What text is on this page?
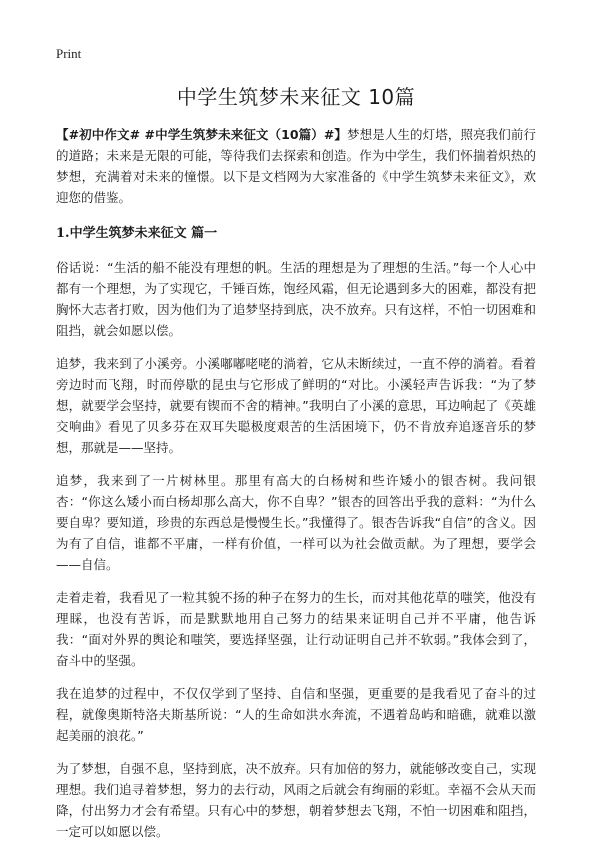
Print
中学生筑梦未来征文 10篇

【#初中作文# #中学生筑梦未来征文（10篇）#】梦想是人生的灯塔，照亮我们前行的道路；未来是无限的可能，等待我们去探索和创造。作为中学生，我们怀揣着炽热的梦想，充满着对未来的憧憬。以下是文档网为大家准备的《中学生筑梦未来征文》，欢迎您的借鉴。

1.中学生筑梦未来征文 篇一

俗话说：“生活的船不能没有理想的帆。生活的理想是为了理想的生活。”每一个人心中都有一个理想，为了实现它，千锤百炼，饱经风霜，但无论遇到多大的困难，都没有把胸怀大志者打败，因为他们为了追梦坚持到底，决不放弃。只有这样，不怕一切困难和阻挡，就会如愿以偿。

追梦，我来到了小溪旁。小溪嘟嘟咾咾的淌着，它从未断续过，一直不停的淌着。看着旁边时而飞翔，时而停歇的昆虫与它形成了鲜明的“对比。小溪轻声告诉我：“为了梦想，就要学会坚持，就要有锲而不舍的精神。”我明白了小溪的意思，耳边响起了《英雄交响曲》看见了贝多芬在双耳失聪极度艰苦的生活困境下，仍不肯放弃追逐音乐的梦想，那就是——坚持。

追梦，我来到了一片树林里。那里有高大的白杨树和些许矮小的银杏树。我问银杏：“你这么矮小而白杨却那么高大，你不自卑？”银杏的回答出乎我的意料：“为什么要自卑？要知道，珍贵的东西总是慢慢生长。”我懂得了。银杏告诉我“自信”的含义。因为有了自信，谁都不平庸，一样有价值，一样可以为社会做贡献。为了理想，要学会——自信。

走着走着，我看见了一粒其貌不扬的种子在努力的生长，而对其他花草的嗤笑，他没有理睬，也没有苦诉，而是默默地用自己努力的结果来证明自己并不平庸，他告诉我：“面对外界的舆论和嗤笑，要选择坚强，让行动证明自己并不软弱。”我体会到了，奋斗中的坚强。

我在追梦的过程中，不仅仅学到了坚持、自信和坚强，更重要的是我看见了奋斗的过程，就像奥斯特洛夫斯基所说：“人的生命如洪水奔流，不遇着岛屿和暗礁，就难以激起美丽的浪花。”

为了梦想，自强不息，坚持到底，决不放弃。只有加倍的努力，就能够改变自己，实现理想。我们追寻着梦想，努力的去行动，风雨之后就会有绚丽的彩虹。幸福不会从天而降，付出努力才会有希望。只有心中的梦想，朝着梦想去飞翔，不怕一切困难和阻挡，一定可以如愿以偿。
